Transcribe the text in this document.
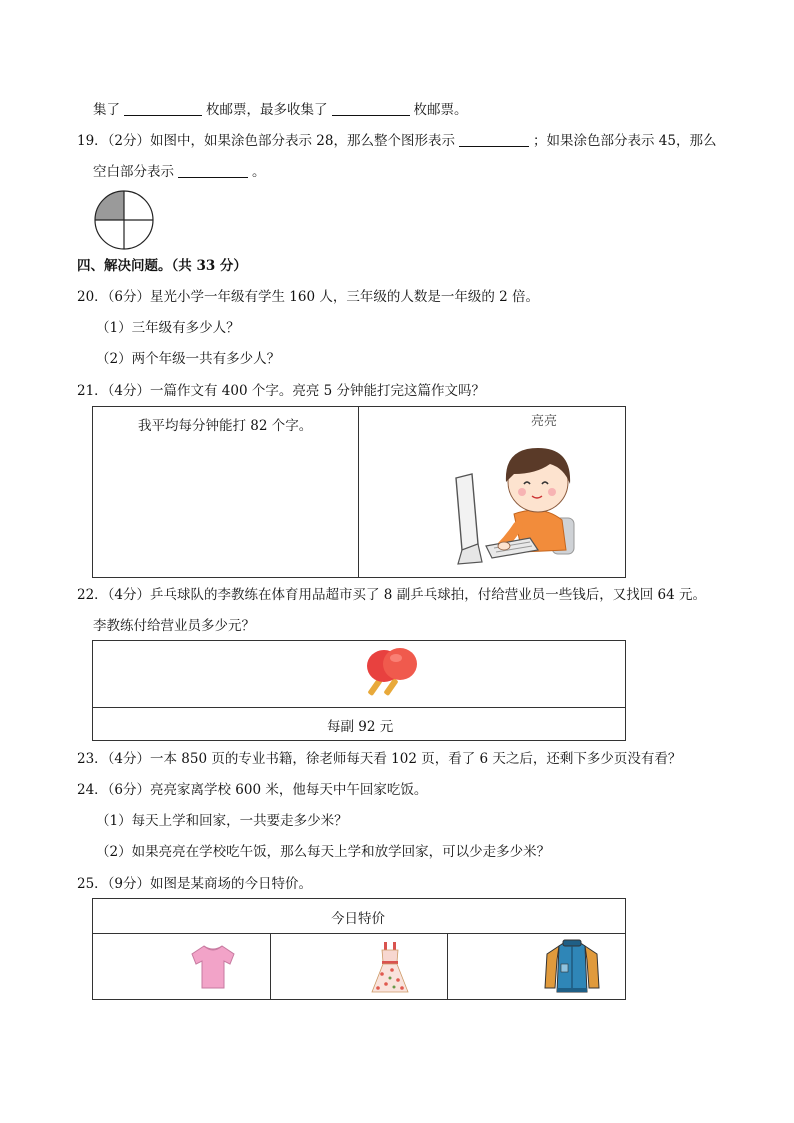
集了	枚邮票，最多收集了	枚邮票。
19．（2分）如图中，如果涂色部分表示 28，那么整个图形表示	；如果涂色部分表示 45，那么
空白部分表示	。
四、解决问题。（共 33 分）
20．（6分）星光小学一年级有学生 160 人，三年级的人数是一年级的 2 倍。
（1）三年级有多少人？
（2）两个年级一共有多少人？
21．（4分）一篇作文有 400 个字。亮亮 5 分钟能打完这篇作文吗？
我平均每分钟能打 82 个字。	亮亮
22．（4分）乒乓球队的李教练在体育用品超市买了 8 副乒乓球拍，付给营业员一些钱后，又找回 64 元。
李教练付给营业员多少元？
每副 92 元
23．（4分）一本 850 页的专业书籍，徐老师每天看 102 页，看了 6 天之后，还剩下多少页没有看？
24．（6分）亮亮家离学校 600 米，他每天中午回家吃饭。
（1）每天上学和回家，一共要走多少米？
（2）如果亮亮在学校吃午饭，那么每天上学和放学回家，可以少走多少米？
25．（9分）如图是某商场的今日特价。
今日特价
